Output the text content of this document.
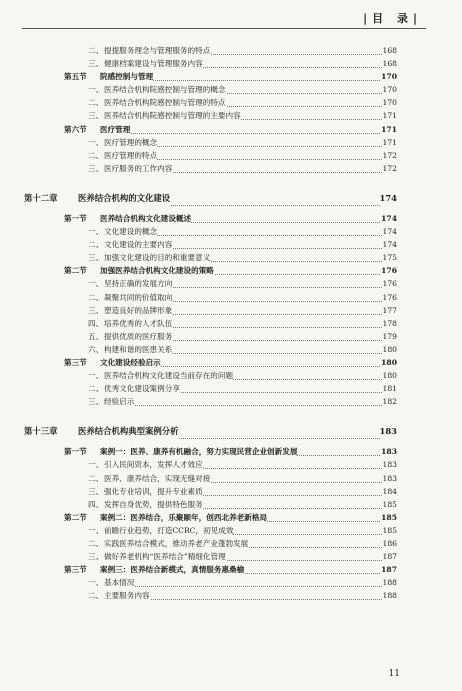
|目 录|
二、 提提服务理念与管理服务的特点	168
三、 健康档案建设与管理服务内容	168
第五节 院感控制与管理	170
一、 医养结合机构院感控制与管理的概念	170
二、 医养结合机构院感控制与管理的特点	170
三、 医养结合机构院感控制与管理的主要内容	171
第六节 医疗管理	171
一、 医疗管理的概念	171
二、 医疗管理的特点	172
三、 医疗服务的工作内容	172
第十二章 医养结合机构的文化建设	174
第一节 医养结合机构文化建设概述	174
一、 文化建设的概念	174
二、 文化建设的主要内容	174
三、 加强文化建设的目的和重要意义	175
第二节 加强医养结合机构文化建设的策略	176
一、 坚持正确的发展方向	176
二、 凝聚共同的价值取向	176
三、 塑造良好的品牌形象	177
四、 培养优秀的人才队伍	178
五、 提供优质的医疗服务	179
六、 构建和谐的医患关系	180
第三节 文化建设经验启示	180
一、 医养结合机构文化建设当前存在的问题	180
二、 优秀文化建设案例分享	181
三、 经验启示	182
第十三章 医养结合机构典型案例分析	183
第一节 案例一：医养、康养有机融合，努力实现民营企业创新发展	183
一、 引入民间资本，发挥人才效应	183
二、 医养、康养结合，实现无缝对接	183
三、 强化专业培训，提升专业素质	184
四、 发挥自身优势，提供特色服务	185
第二节 案例二：医养结合，乐聚颐年，创西北养老新格局	185
一、 前瞻行业趋势，打造CCRC，初见成效	185
二、 实践医养结合模式，推动养老产业蓬勃发展	186
三、 做好养老机构“医养结合”精细化管理	187
第三节 案例三：医养结合新模式，真情服务惠桑榆	187
一、 基本情况	188
二、 主要服务内容	188
11
